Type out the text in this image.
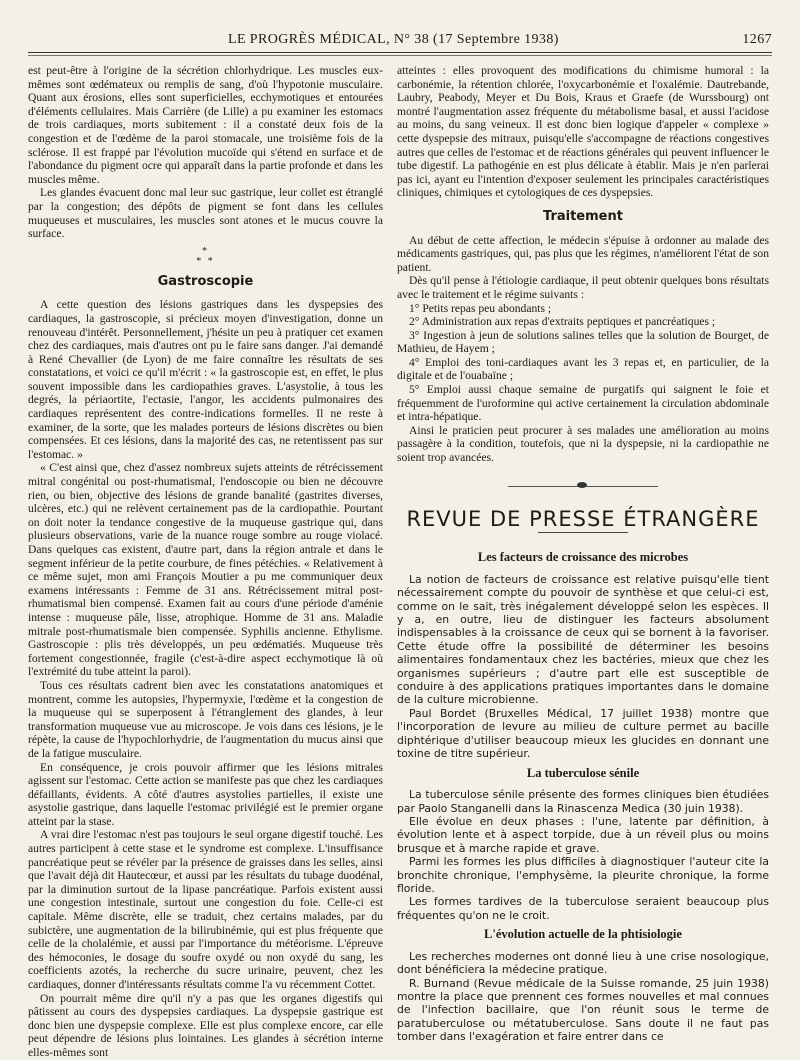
LE PROGRÈS MÉDICAL, N° 38 (17 Septembre 1938)	1267

est peut-être à l'origine de la sécrétion chlorhydrique. Les muscles eux-mêmes sont œdémateux ou remplis de sang, d'où l'hypotonie musculaire. Quant aux érosions, elles sont superficielles, ecchymotiques et entourées d'éléments cellulaires. Mais Carrière (de Lille) a pu examiner les estomacs de trois cardiaques, morts subitement : il a constaté deux fois de la congestion et de l'œdème de la paroi stomacale, une troisième fois de la sclérose. Il est frappé par l'évolution mucoïde qui s'étend en surface et de l'abondance du pigment ocre qui apparaît dans la partie profonde et dans les muscles même.

Les glandes évacuent donc mal leur suc gastrique, leur collet est étranglé par la congestion; des dépôts de pigment se font dans les cellules muqueuses et musculaires, les muscles sont atones et le mucus couvre la surface.

*
* *
Gastroscopie

A cette question des lésions gastriques dans les dyspepsies des cardiaques, la gastroscopie, si précieux moyen d'investigation, donne un renouveau d'intérêt. Personnellement, j'hésite un peu à pratiquer cet examen chez des cardiaques, mais d'autres ont pu le faire sans danger. J'ai demandé à René Chevallier (de Lyon) de me faire connaître les résultats de ses constatations, et voici ce qu'il m'écrit : « la gastroscopie est, en effet, le plus souvent impossible dans les cardiopathies graves. L'asystolie, à tous les degrés, la périaortite, l'ectasie, l'angor, les accidents pulmonaires des cardiaques représentent des contre-indications formelles. Il ne reste à examiner, de la sorte, que les malades porteurs de lésions discrètes ou bien compensées. Et ces lésions, dans la majorité des cas, ne retentissent pas sur l'estomac. »

« C'est ainsi que, chez d'assez nombreux sujets atteints de rétrécissement mitral congénital ou post-rhumatismal, l'endoscopie ou bien ne découvre rien, ou bien, objective des lésions de grande banalité (gastrites diverses, ulcères, etc.) qui ne relèvent certainement pas de la cardiopathie. Pourtant on doit noter la tendance congestive de la muqueuse gastrique qui, dans plusieurs observations, varie de la nuance rouge sombre au rouge violacé. Dans quelques cas existent, d'autre part, dans la région antrale et dans le segment inférieur de la petite courbure, de fines pétéchies. « Relativement à ce même sujet, mon ami François Moutier a pu me communiquer deux examens intéressants : Femme de 31 ans. Rétrécissement mitral post-rhumatismal bien compensé. Examen fait au cours d'une période d'aménie intense : muqueuse pâle, lisse, atrophique. Homme de 31 ans. Maladie mitrale post-rhumatismale bien compensée. Syphilis ancienne. Ethylisme. Gastroscopie : plis très développés, un peu œdématiés. Muqueuse très fortement congestionnée, fragile (c'est-à-dire aspect ecchymotique là où l'extrémité du tube atteint la paroi).

Tous ces résultats cadrent bien avec les constatations anatomiques et montrent, comme les autopsies, l'hypermyxie, l'œdème et la congestion de la muqueuse qui se superposent à l'étranglement des glandes, à leur transformation muqueuse vue au microscope. Je vois dans ces lésions, je le répète, la cause de l'hypochlorhydrie, de l'augmentation du mucus ainsi que de la fatigue musculaire.

En conséquence, je crois pouvoir affirmer que les lésions mitrales agissent sur l'estomac. Cette action se manifeste pas que chez les cardiaques défaillants, évidents. A côté d'autres asystolies partielles, il existe une asystolie gastrique, dans laquelle l'estomac privilégié est le premier organe atteint par la stase.

A vrai dire l'estomac n'est pas toujours le seul organe digestif touché. Les autres participent à cette stase et le syndrome est complexe. L'insuffisance pancréatique peut se révéler par la présence de graisses dans les selles, ainsi que l'avait déjà dit Hautecœur, et aussi par les résultats du tubage duodénal, par la diminution surtout de la lipase pancréatique. Parfois existent aussi une congestion intestinale, surtout une congestion du foie. Celle-ci est capitale. Même discrète, elle se traduit, chez certains malades, par du subictère, une augmentation de la bilirubinémie, qui est plus fréquente que celle de la cholalémie, et aussi par l'importance du météorisme. L'épreuve des hémoconies, le dosage du soufre oxydé ou non oxydé du sang, les coefficients azotés, la recherche du sucre urinaire, peuvent, chez les cardiaques, donner d'intéressants résultats comme l'a vu récemment Cottet.

On pourrait même dire qu'il n'y a pas que les organes digestifs qui pâtissent au cours des dyspepsies cardiaques. La dyspepsie gastrique est donc bien une dyspepsie complexe. Elle est plus complexe encore, car elle peut dépendre de lésions plus lointaines. Les glandes à sécrétion interne elles-mêmes sont

atteintes : elles provoquent des modifications du chimisme humoral : la carbonémie, la rétention chlorée, l'oxycarbonémie et l'oxalémie. Dautrebande, Laubry, Peabody, Meyer et Du Bois, Kraus et Graefe (de Wurssbourg) ont montré l'augmentation assez fréquente du métabolisme basal, et aussi l'acidose au moins, du sang veineux. Il est donc bien logique d'appeler « complexe » cette dyspepsie des mitraux, puisqu'elle s'accompagne de réactions congestives autres que celles de l'estomac et de réactions générales qui peuvent influencer le tube digestif. La pathogénie en est plus délicate à établir. Mais je n'en parlerai pas ici, ayant eu l'intention d'exposer seulement les principales caractéristiques cliniques, chimiques et cytologiques de ces dyspepsies.

Traitement

Au début de cette affection, le médecin s'épuise à ordonner au malade des médicaments gastriques, qui, pas plus que les régimes, n'améliorent l'état de son patient.

Dès qu'il pense à l'étiologie cardiaque, il peut obtenir quelques bons résultats avec le traitement et le régime suivants :

1° Petits repas peu abondants ;

2° Administration aux repas d'extraits peptiques et pancréatiques ;

3° Ingestion à jeun de solutions salines telles que la solution de Bourget, de Mathieu, de Hayem ;

4° Emploi des toni-cardiaques avant les 3 repas et, en particulier, de la digitale et de l'ouabaïne ;

5° Emploi aussi chaque semaine de purgatifs qui saignent le foie et fréquemment de l'uroformine qui active certainement la circulation abdominale et intra-hépatique.

Ainsi le praticien peut procurer à ses malades une amélioration au moins passagère à la condition, toutefois, que ni la dyspepsie, ni la cardiopathie ne soient trop avancées.

REVUE DE PRESSE ÉTRANGÈRE
Les facteurs de croissance des microbes

La notion de facteurs de croissance est relative puisqu'elle tient nécessairement compte du pouvoir de synthèse et que celui-ci est, comme on le sait, très inégalement développé selon les espèces. Il y a, en outre, lieu de distinguer les facteurs absolument indispensables à la croissance de ceux qui se bornent à la favoriser. Cette étude offre la possibilité de déterminer les besoins alimentaires fondamentaux chez les bactéries, mieux que chez les organismes supérieurs ; d'autre part elle est susceptible de conduire à des applications pratiques importantes dans le domaine de la culture microbienne.

Paul Bordet (Bruxelles Médical, 17 juillet 1938) montre que l'incorporation de levure au milieu de culture permet au bacille diphtérique d'utiliser beaucoup mieux les glucides en donnant une toxine de titre supérieur.

La tuberculose sénile

La tuberculose sénile présente des formes cliniques bien étudiées par Paolo Stanganelli dans la Rinascenza Medica (30 juin 1938).

Elle évolue en deux phases : l'une, latente par définition, à évolution lente et à aspect torpide, due à un réveil plus ou moins brusque et à marche rapide et grave.

Parmi les formes les plus difficiles à diagnostiquer l'auteur cite la bronchite chronique, l'emphysème, la pleurite chronique, la forme floride.

Les formes tardives de la tuberculose seraient beaucoup plus fréquentes qu'on ne le croit.

L'évolution actuelle de la phtisiologie

Les recherches modernes ont donné lieu à une crise nosologique, dont bénéficiera la médecine pratique.

R. Burnand (Revue médicale de la Suisse romande, 25 juin 1938) montre la place que prennent ces formes nouvelles et mal connues de l'infection bacillaire, que l'on réunit sous le terme de paratuberculose ou métatuberculose. Sans doute il ne faut pas tomber dans l'exagération et faire entrer dans ce
